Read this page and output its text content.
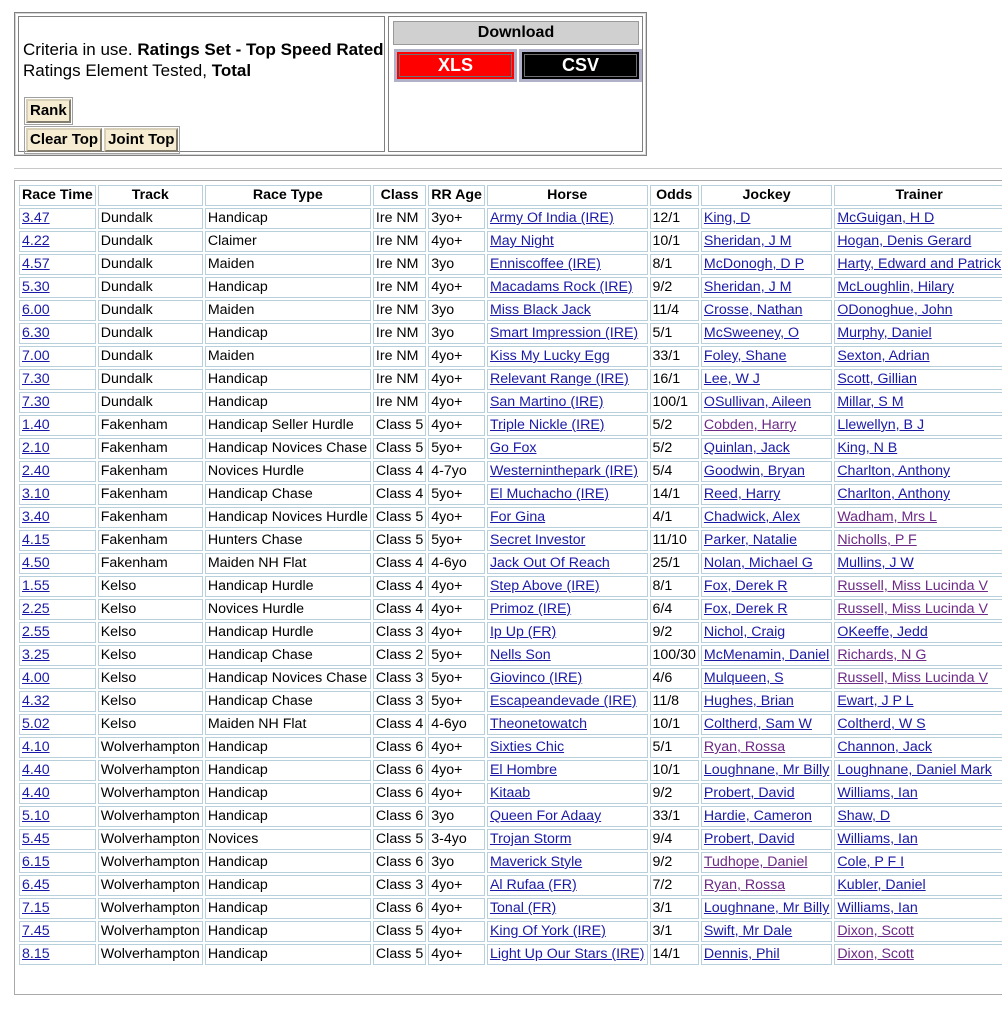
Criteria in use. Ratings Set - Top Speed Rated
Ratings Element Tested, Total
Rank
Clear Top Joint Top
Download
XLS	CSV
Race Time	Track	Race Type	Class	RR Age	Horse	Odds	Jockey	Trainer
3.47	Dundalk	Handicap	Ire NM	3yo+	Army Of India (IRE)	12/1	King, D	McGuigan, H D
4.22	Dundalk	Claimer	Ire NM	4yo+	May Night	10/1	Sheridan, J M	Hogan, Denis Gerard
4.57	Dundalk	Maiden	Ire NM	3yo	Enniscoffee (IRE)	8/1	McDonogh, D P	Harty, Edward and Patrick
5.30	Dundalk	Handicap	Ire NM	4yo+	Macadams Rock (IRE)	9/2	Sheridan, J M	McLoughlin, Hilary
6.00	Dundalk	Maiden	Ire NM	3yo	Miss Black Jack	11/4	Crosse, Nathan	ODonoghue, John
6.30	Dundalk	Handicap	Ire NM	3yo	Smart Impression (IRE)	5/1	McSweeney, O	Murphy, Daniel
7.00	Dundalk	Maiden	Ire NM	4yo+	Kiss My Lucky Egg	33/1	Foley, Shane	Sexton, Adrian
7.30	Dundalk	Handicap	Ire NM	4yo+	Relevant Range (IRE)	16/1	Lee, W J	Scott, Gillian
7.30	Dundalk	Handicap	Ire NM	4yo+	San Martino (IRE)	100/1	OSullivan, Aileen	Millar, S M
1.40	Fakenham	Handicap Seller Hurdle	Class 5	4yo+	Triple Nickle (IRE)	5/2	Cobden, Harry	Llewellyn, B J
2.10	Fakenham	Handicap Novices Chase	Class 5	5yo+	Go Fox	5/2	Quinlan, Jack	King, N B
2.40	Fakenham	Novices Hurdle	Class 4	4-7yo	Westerninthepark (IRE)	5/4	Goodwin, Bryan	Charlton, Anthony
3.10	Fakenham	Handicap Chase	Class 4	5yo+	El Muchacho (IRE)	14/1	Reed, Harry	Charlton, Anthony
3.40	Fakenham	Handicap Novices Hurdle	Class 5	4yo+	For Gina	4/1	Chadwick, Alex	Wadham, Mrs L
4.15	Fakenham	Hunters Chase	Class 5	5yo+	Secret Investor	11/10	Parker, Natalie	Nicholls, P F
4.50	Fakenham	Maiden NH Flat	Class 4	4-6yo	Jack Out Of Reach	25/1	Nolan, Michael G	Mullins, J W
1.55	Kelso	Handicap Hurdle	Class 4	4yo+	Step Above (IRE)	8/1	Fox, Derek R	Russell, Miss Lucinda V
2.25	Kelso	Novices Hurdle	Class 4	4yo+	Primoz (IRE)	6/4	Fox, Derek R	Russell, Miss Lucinda V
2.55	Kelso	Handicap Hurdle	Class 3	4yo+	Ip Up (FR)	9/2	Nichol, Craig	OKeeffe, Jedd
3.25	Kelso	Handicap Chase	Class 2	5yo+	Nells Son	100/30	McMenamin, Daniel	Richards, N G
4.00	Kelso	Handicap Novices Chase	Class 3	5yo+	Giovinco (IRE)	4/6	Mulqueen, S	Russell, Miss Lucinda V
4.32	Kelso	Handicap Chase	Class 3	5yo+	Escapeandevade (IRE)	11/8	Hughes, Brian	Ewart, J P L
5.02	Kelso	Maiden NH Flat	Class 4	4-6yo	Theonetowatch	10/1	Coltherd, Sam W	Coltherd, W S
4.10	Wolverhampton	Handicap	Class 6	4yo+	Sixties Chic	5/1	Ryan, Rossa	Channon, Jack
4.40	Wolverhampton	Handicap	Class 6	4yo+	El Hombre	10/1	Loughnane, Mr Billy	Loughnane, Daniel Mark
4.40	Wolverhampton	Handicap	Class 6	4yo+	Kitaab	9/2	Probert, David	Williams, Ian
5.10	Wolverhampton	Handicap	Class 6	3yo	Queen For Adaay	33/1	Hardie, Cameron	Shaw, D
5.45	Wolverhampton	Novices	Class 5	3-4yo	Trojan Storm	9/4	Probert, David	Williams, Ian
6.15	Wolverhampton	Handicap	Class 6	3yo	Maverick Style	9/2	Tudhope, Daniel	Cole, P F I
6.45	Wolverhampton	Handicap	Class 3	4yo+	Al Rufaa (FR)	7/2	Ryan, Rossa	Kubler, Daniel
7.15	Wolverhampton	Handicap	Class 6	4yo+	Tonal (FR)	3/1	Loughnane, Mr Billy	Williams, Ian
7.45	Wolverhampton	Handicap	Class 5	4yo+	King Of York (IRE)	3/1	Swift, Mr Dale	Dixon, Scott
8.15	Wolverhampton	Handicap	Class 5	4yo+	Light Up Our Stars (IRE)	14/1	Dennis, Phil	Dixon, Scott
